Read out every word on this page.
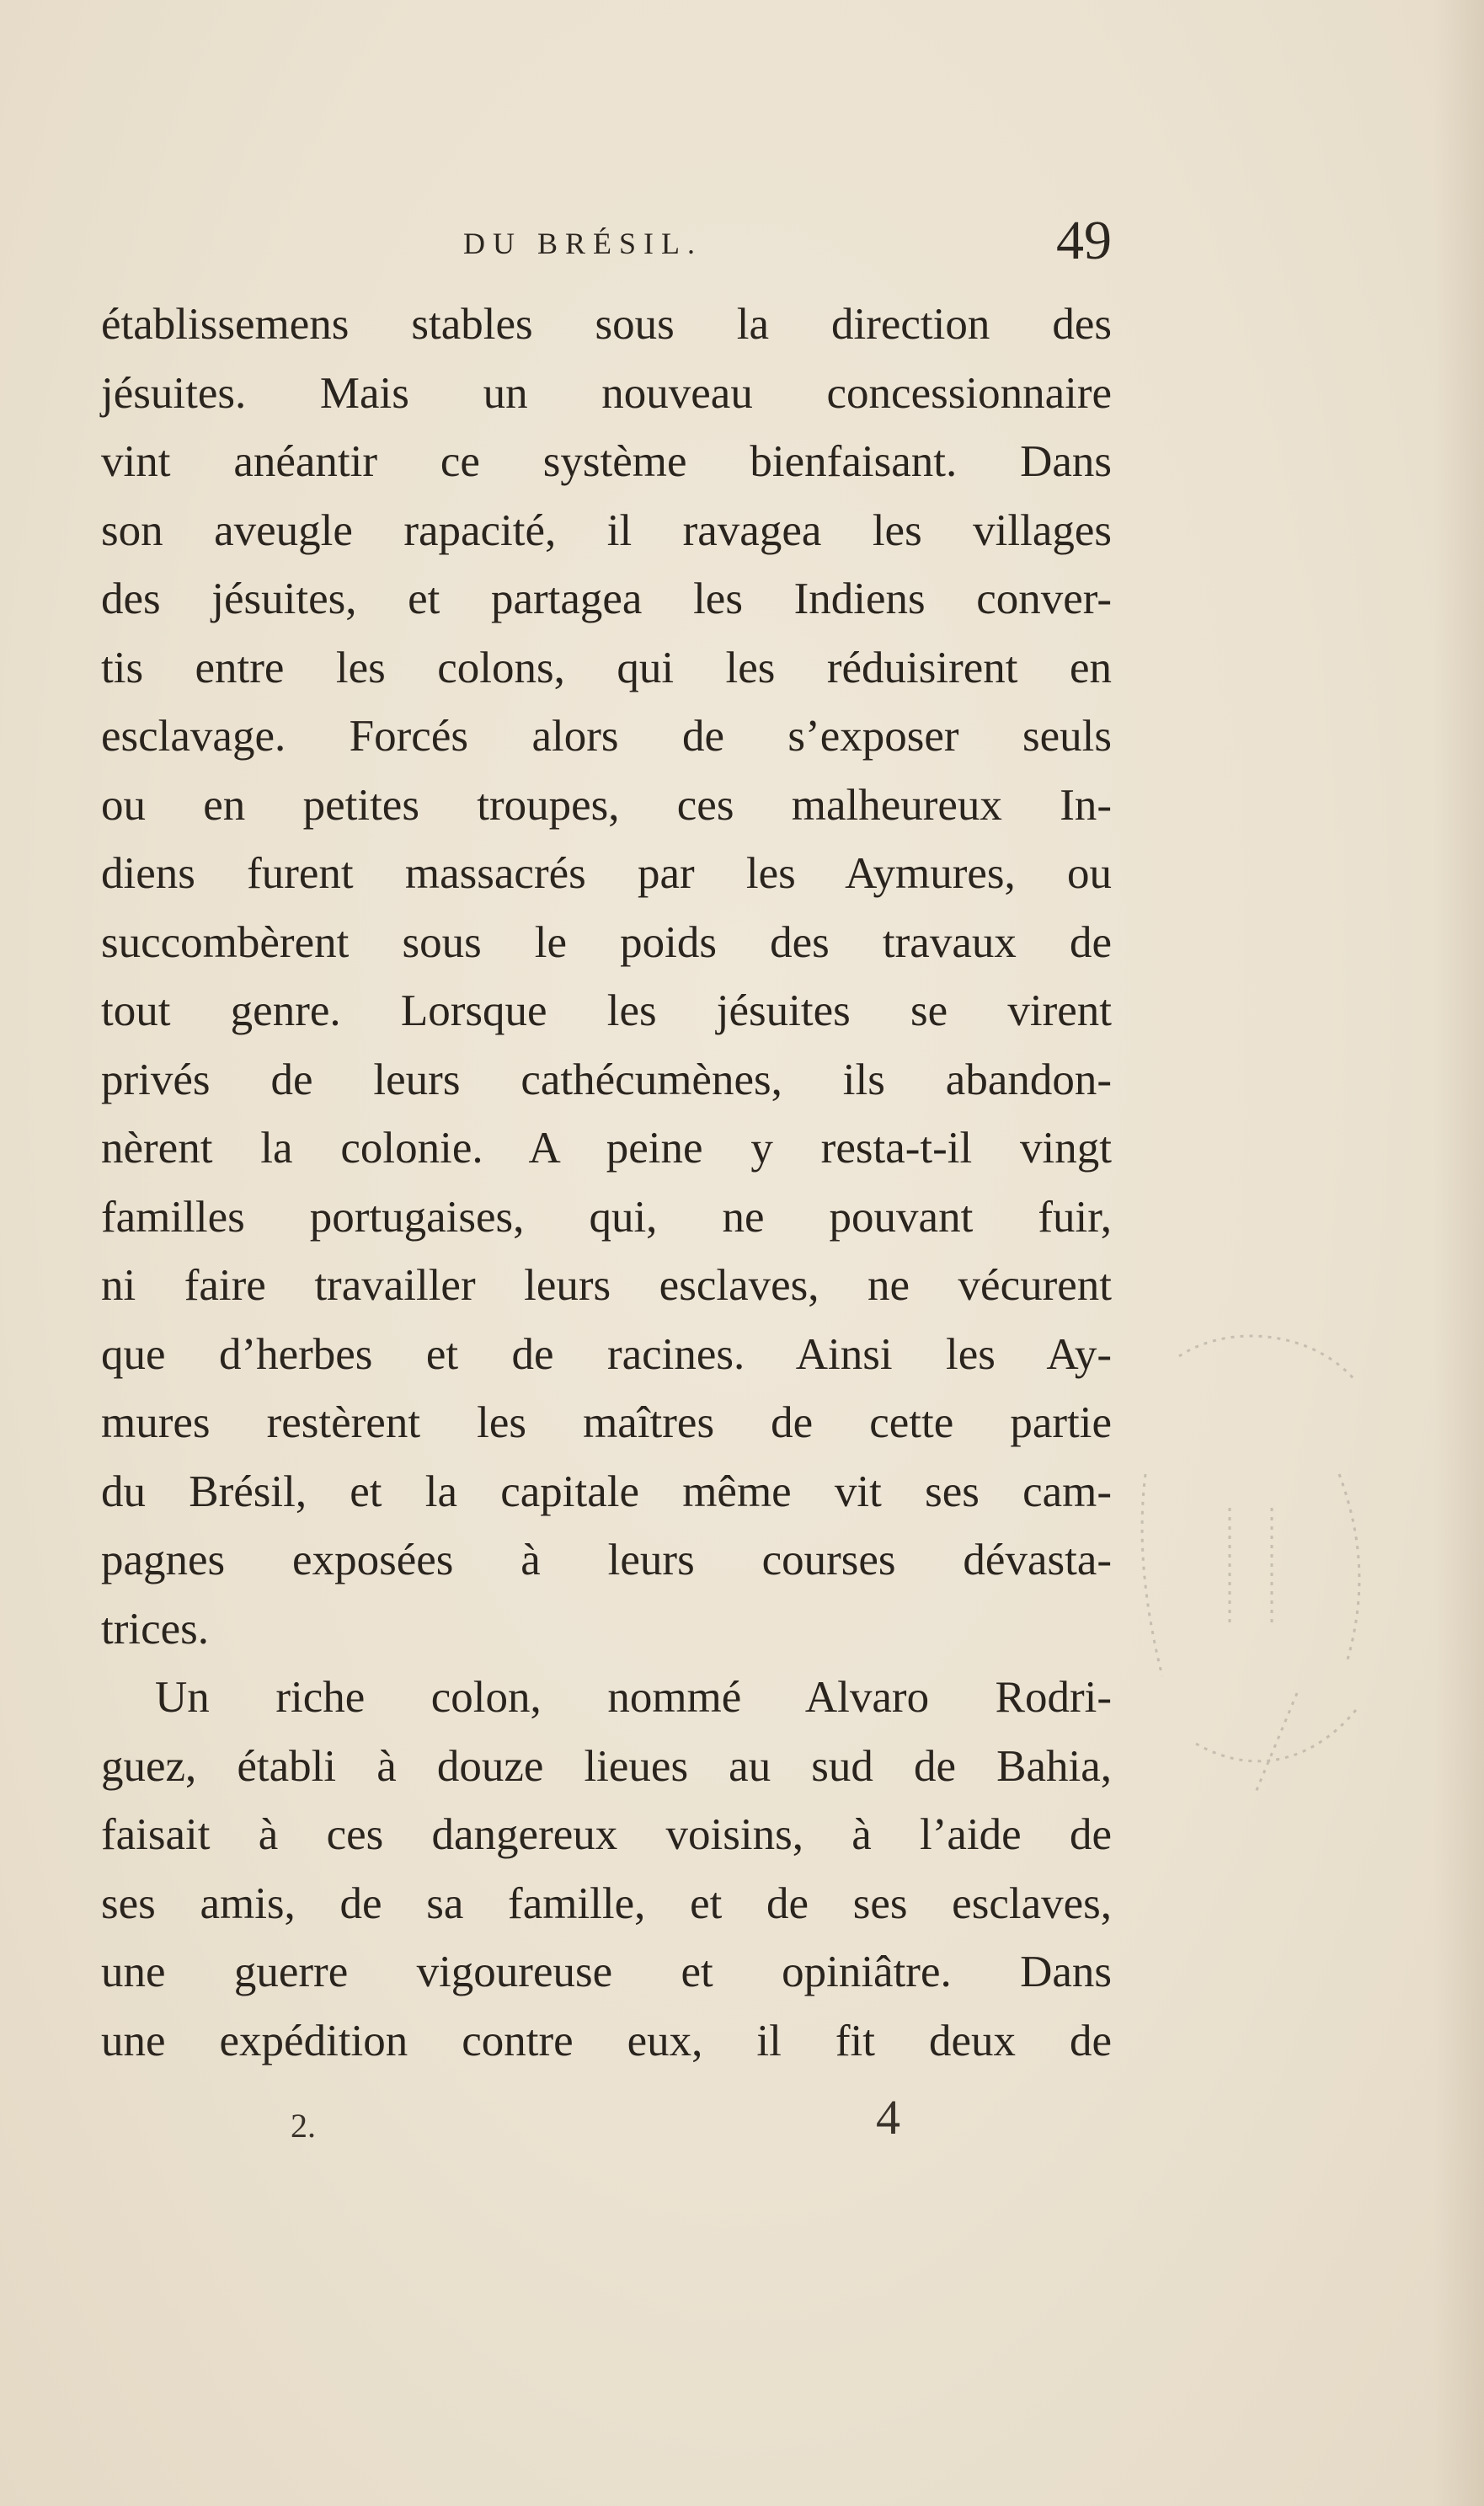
DU BRÉSIL.	49
établissemens stables sous la direction des
jésuites. Mais un nouveau concessionnaire
vint anéantir ce système bienfaisant. Dans
son aveugle rapacité, il ravagea les villages
des jésuites, et partagea les Indiens conver-
tis entre les colons, qui les réduisirent en
esclavage. Forcés alors de s’exposer seuls
ou en petites troupes, ces malheureux In-
diens furent massacrés par les Aymures, ou
succombèrent sous le poids des travaux de
tout genre. Lorsque les jésuites se virent
privés de leurs cathécumènes, ils abandon-
nèrent la colonie. A peine y resta-t-il vingt
familles portugaises, qui, ne pouvant fuir,
ni faire travailler leurs esclaves, ne vécurent
que d’herbes et de racines. Ainsi les Ay-
mures restèrent les maîtres de cette partie
du Brésil, et la capitale même vit ses cam-
pagnes exposées à leurs courses dévasta-
trices.
Un riche colon, nommé Alvaro Rodri-
guez, établi à douze lieues au sud de Bahia,
faisait à ces dangereux voisins, à l’aide de
ses amis, de sa famille, et de ses esclaves,
une guerre vigoureuse et opiniâtre. Dans
une expédition contre eux, il fit deux de
2.	4
